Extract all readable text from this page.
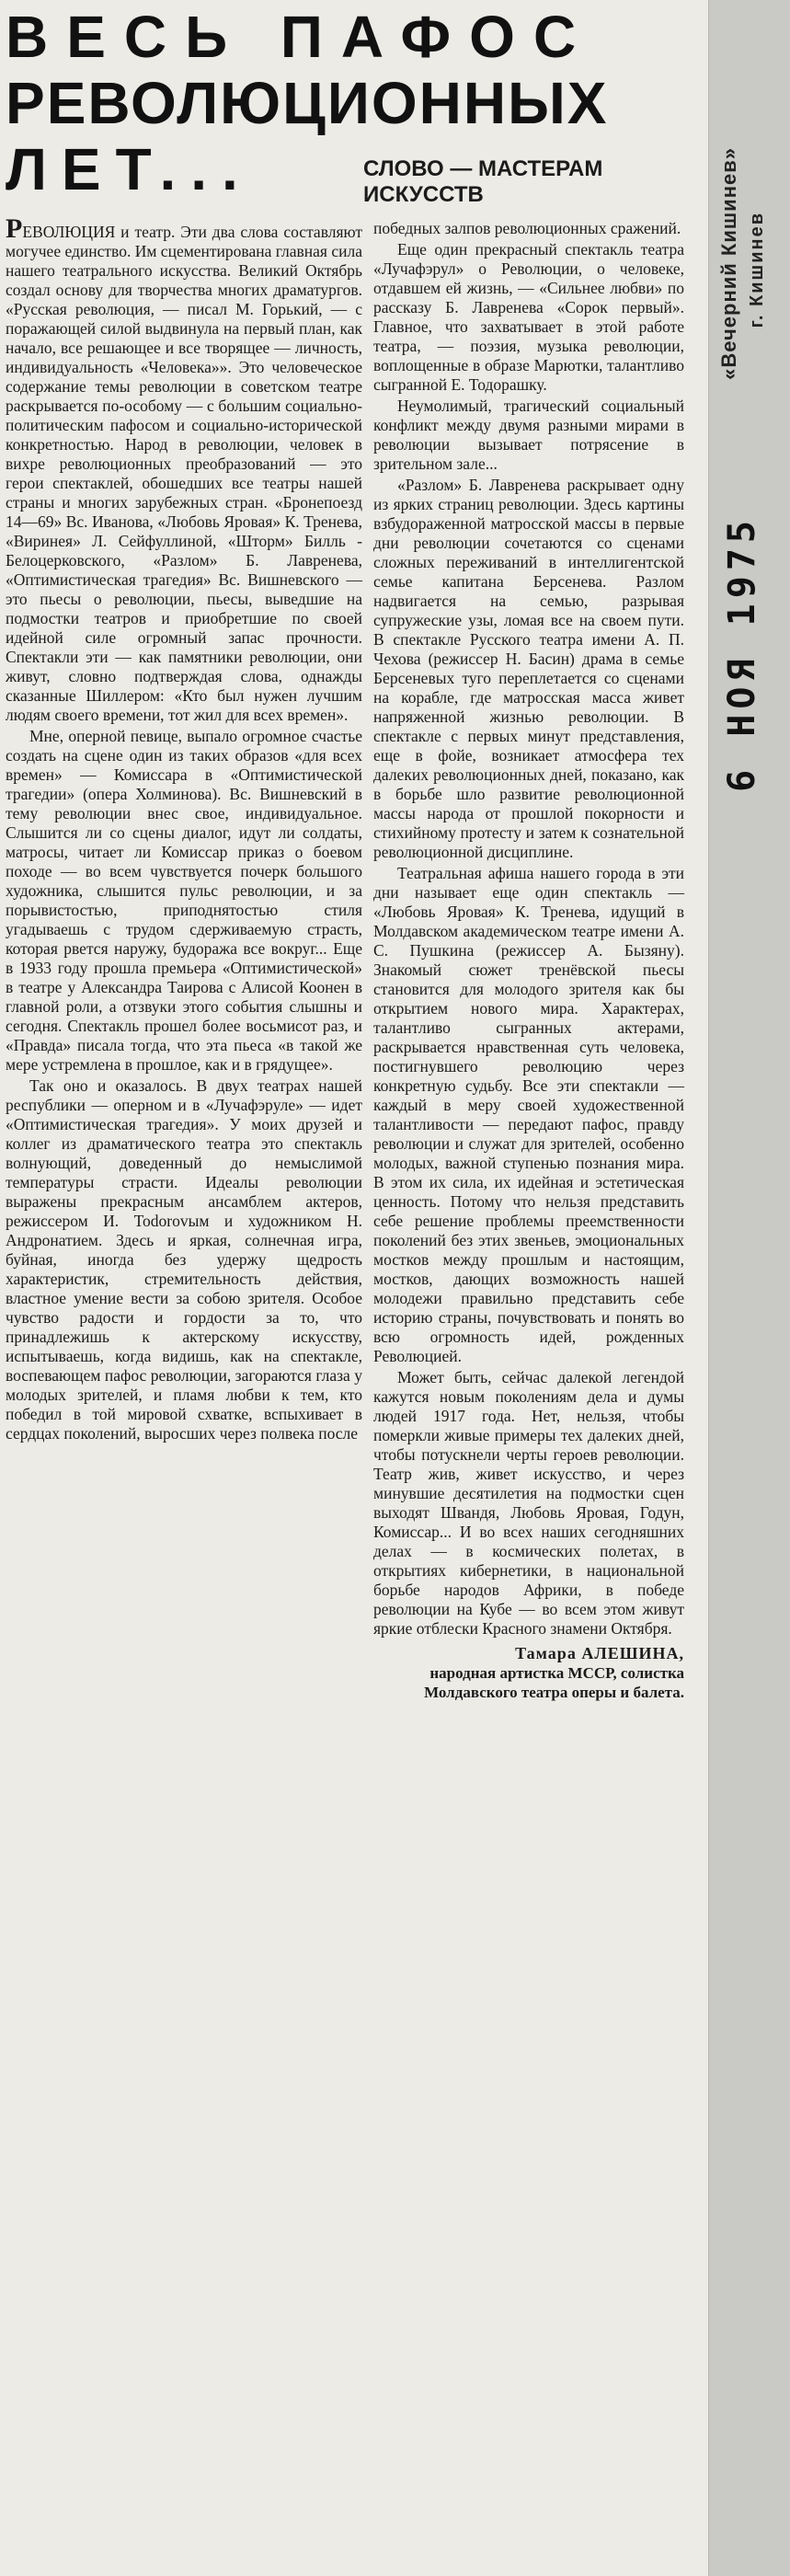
ВЕСЬ ПАФОС
РЕВОЛЮЦИОННЫХ
ЛЕТ...	СЛОВО — МАСТЕРАМ ИСКУССТВ

РЕВОЛЮЦИЯ и театр. Эти два слова составляют могучее единство. Им сцементирована главная сила нашего театрального искусства. Великий Октябрь создал основу для творчества многих драматургов. «Русская революция, — писал М. Горький, — с поражающей силой выдвинула на первый план, как начало, все решающее и все творящее — личность, индивидуальность «Человека»». Это человеческое содержание темы революции в советском театре раскрывается по-особому — с большим социально-политическим пафосом и социально-исторической конкретностью. Народ в революции, человек в вихре революционных преобразований — это герои спектаклей, обошедших все театры нашей страны и многих зарубежных стран. «Бронепоезд 14—69» Вс. Иванова, «Любовь Яровая» К. Тренева, «Виринея» Л. Сейфуллиной, «Шторм» Билль - Белоцерковского, «Разлом» Б. Лавренева, «Оптимистическая трагедия» Вс. Вишневского — это пьесы о революции, пьесы, выведшие на подмостки театров и приобретшие по своей идейной силе огромный запас прочности. Спектакли эти — как памятники революции, они живут, словно подтверждая слова, однажды сказанные Шиллером: «Кто был нужен лучшим людям своего времени, тот жил для всех времен».

Мне, оперной певице, выпало огромное счастье создать на сцене один из таких образов «для всех времен» — Комиссара в «Оптимистической трагедии» (опера Холминова). Вс. Вишневский в тему революции внес свое, индивидуальное. Слышится ли со сцены диалог, идут ли солдаты, матросы, читает ли Комиссар приказ о боевом походе — во всем чувствуется почерк большого художника, слышится пульс революции, и за порывистостью, приподнятостью стиля угадываешь с трудом сдерживаемую страсть, которая рвется наружу, будоража все вокруг... Еще в 1933 году прошла премьера «Оптимистической» в театре у Александра Таирова с Алисой Коонен в главной роли, а отзвуки этого события слышны и сегодня. Спектакль прошел более восьмисот раз, и «Правда» писала тогда, что эта пьеса «в такой же мере устремлена в прошлое, как и в грядущее».

Так оно и оказалось. В двух театрах нашей республики — оперном и в «Лучафэруле» — идет «Оптимистическая трагедия». У моих друзей и коллег из драматического театра это спектакль волнующий, доведенный до немыслимой температуры страсти. Идеалы революции выражены прекрасным ансамблем актеров, режиссером И. Todorovым и художником Н. Андронатием. Здесь и яркая, солнечная игра, буйная, иногда без удержу щедрость характеристик, стремительность действия, властное умение вести за собою зрителя. Особое чувство радости и гордости за то, что принадлежишь к актерскому искусству, испытываешь, когда видишь, как на спектакле, воспевающем пафос революции, загораются глаза у молодых зрителей, и пламя любви к тем, кто победил в той мировой схватке, вспыхивает в сердцах поколений, выросших через полвека после

победных залпов революционных сражений.

Еще один прекрасный спектакль театра «Лучафэрул» о Революции, о человеке, отдавшем ей жизнь, — «Сильнее любви» по рассказу Б. Лавренева «Сорок первый». Главное, что захватывает в этой работе театра, — поэзия, музыка революции, воплощенные в образе Марютки, талантливо сыгранной Е. Тодорашку.

Неумолимый, трагический социальный конфликт между двумя разными мирами в революции вызывает потрясение в зрительном зале...

«Разлом» Б. Лавренева раскрывает одну из ярких страниц революции. Здесь картины взбудораженной матросской массы в первые дни революции сочетаются со сценами сложных переживаний в интеллигентской семье капитана Берсенева. Разлом надвигается на семью, разрывая супружеские узы, ломая все на своем пути. В спектакле Русского театра имени А. П. Чехова (режиссер Н. Басин) драма в семье Берсеневых туго переплетается со сценами на корабле, где матросская масса живет напряженной жизнью революции. В спектакле с первых минут представления, еще в фойе, возникает атмосфера тех далеких революционных дней, показано, как в борьбе шло развитие революционной массы народа от прошлой покорности и стихийному протесту и затем к сознательной революционной дисциплине.

Театральная афиша нашего города в эти дни называет еще один спектакль — «Любовь Яровая» К. Тренева, идущий в Молдавском академическом театре имени А. С. Пушкина (режиссер А. Бызяну). Знакомый сюжет тренёвской пьесы становится для молодого зрителя как бы открытием нового мира. Характерах, талантливо сыгранных актерами, раскрывается нравственная суть человека, постигнувшего революцию через конкретную судьбу. Все эти спектакли — каждый в меру своей художественной талантливости — передают пафос, правду революции и служат для зрителей, особенно молодых, важной ступенью познания мира. В этом их сила, их идейная и эстетическая ценность. Потому что нельзя представить себе решение проблемы преемственности поколений без этих звеньев, эмоциональных мостков между прошлым и настоящим, мостков, дающих возможность нашей молодежи правильно представить себе историю страны, почувствовать и понять во всю огромность идей, рожденных Революцией.

Может быть, сейчас далекой легендой кажутся новым поколениям дела и думы людей 1917 года. Нет, нельзя, чтобы померкли живые примеры тех далеких дней, чтобы потускнели черты героев революции. Театр жив, живет искусство, и через минувшие десятилетия на подмостки сцен выходят Швандя, Любовь Яровая, Годун, Комиссар... И во всех наших сегодняшних делах — в космических полетах, в открытиях кибернетики, в национальной борьбе народов Африки, в победе революции на Кубе — во всем этом живут яркие отблески Красного знамени Октября.

Тамара АЛЕШИНА,
народная артистка МССР, солистка Молдавского театра оперы и балета.
«Вечерний Кишинев» г. Кишинев
6 НОЯ 1975
